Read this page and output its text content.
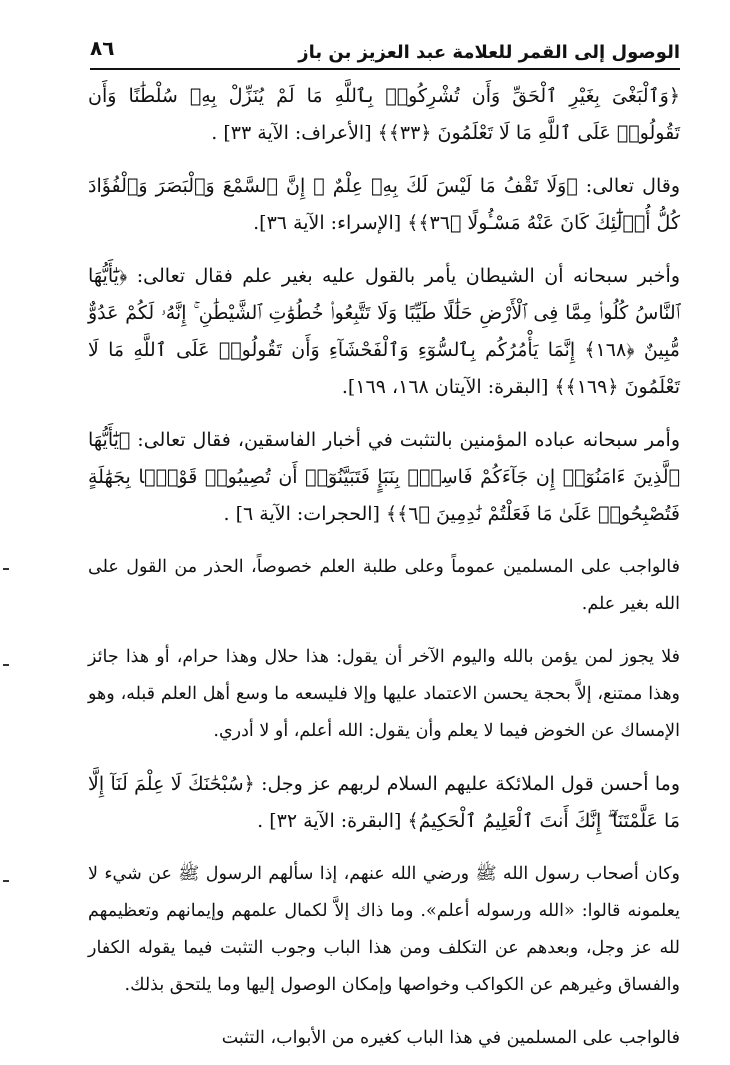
٨٦	الوصول إلى القمر للعلامة عبد العزيز بن باز

﴿وَٱلْبَغْىَ بِغَيْرِ ٱلْحَقِّ وَأَن تُشْرِكُوا۟ بِٱللَّهِ مَا لَمْ يُنَزِّلْ بِهِۦ سُلْطَٰنًا وَأَن تَقُولُوا۟ عَلَى ٱللَّهِ مَا لَا تَعْلَمُونَ ﴿٣٣﴾﴾ [الأعراف: الآية ٣٣] .

وقال تعالى: ﴿وَلَا تَقْفُ مَا لَيْسَ لَكَ بِهِۦ عِلْمٌ ۚ إِنَّ ٱلسَّمْعَ وَٱلْبَصَرَ وَٱلْفُؤَادَ كُلُّ أُو۟لَٰٓئِكَ كَانَ عَنْهُ مَسْـُٔولًا ﴿٣٦﴾﴾ [الإسراء: الآية ٣٦].

وأخبر سبحانه أن الشيطان يأمر بالقول عليه بغير علم فقال تعالى: ﴿يَٰٓأَيُّهَا ٱلنَّاسُ كُلُوا۟ مِمَّا فِى ٱلْأَرْضِ حَلَٰلًا طَيِّبًا وَلَا تَتَّبِعُوا۟ خُطُوَٰتِ ٱلشَّيْطَٰنِ ۚ إِنَّهُۥ لَكُمْ عَدُوٌّ مُّبِينٌ ﴿١٦٨﴾ إِنَّمَا يَأْمُرُكُم بِٱلسُّوٓءِ وَٱلْفَحْشَآءِ وَأَن تَقُولُوا۟ عَلَى ٱللَّهِ مَا لَا تَعْلَمُونَ ﴿١٦٩﴾﴾ [البقرة: الآيتان ١٦٨، ١٦٩].

وأمر سبحانه عباده المؤمنين بالتثبت في أخبار الفاسقين، فقال تعالى: ﴿يَٰٓأَيُّهَا ٱلَّذِينَ ءَامَنُوٓا۟ إِن جَآءَكُمْ فَاسِقٌۢ بِنَبَإٍ فَتَبَيَّنُوٓا۟ أَن تُصِيبُوا۟ قَوْمًۢا بِجَهَٰلَةٍ فَتُصْبِحُوا۟ عَلَىٰ مَا فَعَلْتُمْ نَٰدِمِينَ ﴿٦﴾﴾ [الحجرات: الآية ٦] .

فالواجب على المسلمين عموماً وعلى طلبة العلم خصوصاً، الحذر من القول على الله بغير علم.

فلا يجوز لمن يؤمن بالله واليوم الآخر أن يقول: هذا حلال وهذا حرام، أو هذا جائز وهذا ممتنع، إلاَّ بحجة يحسن الاعتماد عليها وإلا فليسعه ما وسع أهل العلم قبله، وهو الإمساك عن الخوض فيما لا يعلم وأن يقول: الله أعلم، أو لا أدري.

وما أحسن قول الملائكة عليهم السلام لربهم عز وجل: ﴿سُبْحَٰنَكَ لَا عِلْمَ لَنَآ إِلَّا مَا عَلَّمْتَنَآ ۖ إِنَّكَ أَنتَ ٱلْعَلِيمُ ٱلْحَكِيمُ﴾ [البقرة: الآية ٣٢] .

وكان أصحاب رسول الله ﷺ ورضي الله عنهم، إذا سألهم الرسول ﷺ عن شيء لا يعلمونه قالوا: «الله ورسوله أعلم». وما ذاك إلاَّ لكمال علمهم وإيمانهم وتعظيمهم لله عز وجل، وبعدهم عن التكلف ومن هذا الباب وجوب التثبت فيما يقوله الكفار والفساق وغيرهم عن الكواكب وخواصها وإمكان الوصول إليها وما يلتحق بذلك.

فالواجب على المسلمين في هذا الباب كغيره من الأبواب، التثبت
